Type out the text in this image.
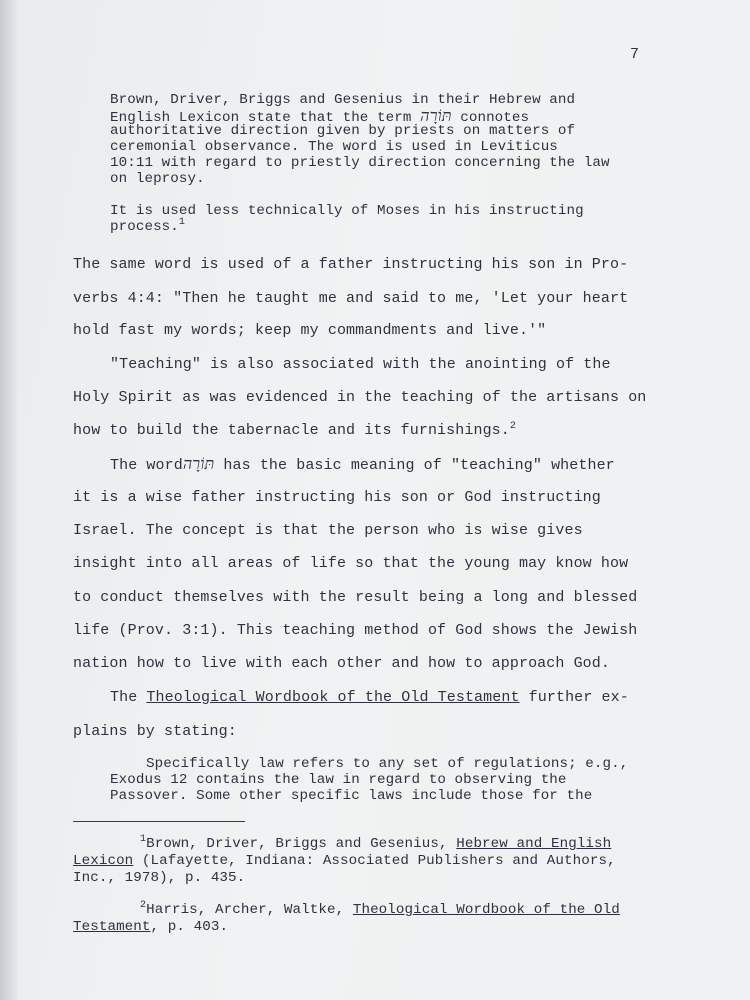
7
Brown, Driver, Briggs and Gesenius in their Hebrew and
English Lexicon state that the term תּוֹרָה connotes
authoritative direction given by priests on matters of
ceremonial observance. The word is used in Leviticus
10:11 with regard to priestly direction concerning the law
on leprosy.
It is used less technically of Moses in his instructing
process.$^1$
The same word is used of a father instructing his son in Pro-
verbs 4:4: "Then he taught me and said to me, 'Let your heart
hold fast my words; keep my commandments and live.'"
"Teaching" is also associated with the anointing of the
Holy Spirit as was evidenced in the teaching of the artisans on
how to build the tabernacle and its furnishings.$^2$
The wordתּוֹרָה has the basic meaning of "teaching" whether
it is a wise father instructing his son or God instructing
Israel. The concept is that the person who is wise gives
insight into all areas of life so that the young may know how
to conduct themselves with the result being a long and blessed
life (Prov. 3:1). This teaching method of God shows the Jewish
nation how to live with each other and how to approach God.
The Theological Wordbook of the Old Testament further ex-
plains by stating:
Specifically law refers to any set of regulations; e.g.,
Exodus 12 contains the law in regard to observing the
Passover. Some other specific laws include those for the
$^1$Brown, Driver, Briggs and Gesenius, Hebrew and English
Lexicon (Lafayette, Indiana: Associated Publishers and Authors,
Inc., 1978), p. 435.
$^2$Harris, Archer, Waltke, Theological Wordbook of the Old
Testament, p. 403.
